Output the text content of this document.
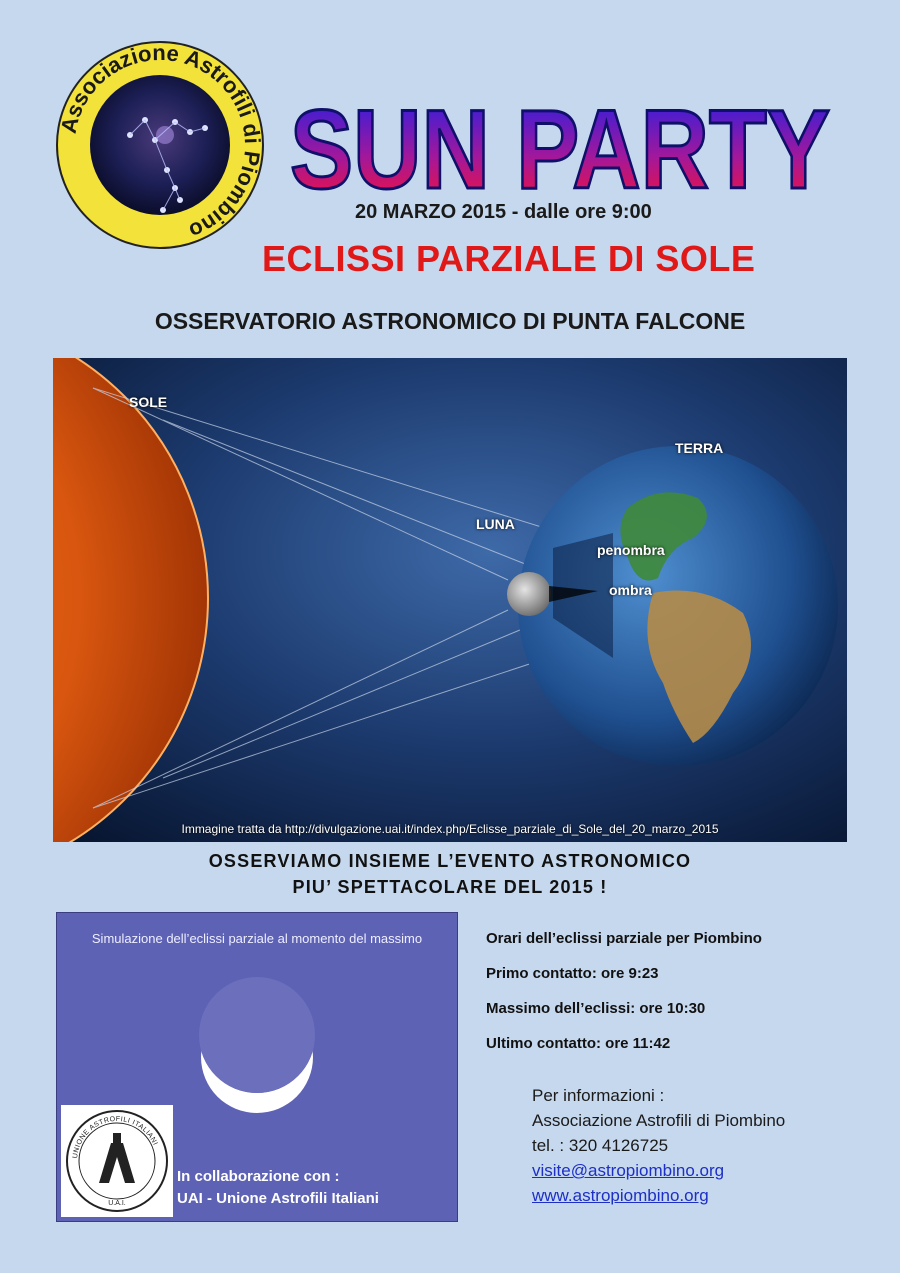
Associazione Astrofili di Piombino
SUN PARTY
20 MARZO 2015 - dalle ore 9:00
ECLISSI PARZIALE DI SOLE
OSSERVATORIO ASTRONOMICO DI PUNTA FALCONE
SOLE
TERRA
LUNA
penombra
ombra
Immagine tratta da http://divulgazione.uai.it/index.php/Eclisse_parziale_di_Sole_del_20_marzo_2015
OSSERVIAMO INSIEME L’EVENTO ASTRONOMICO
PIU’ SPETTACOLARE DEL 2015 !
Simulazione dell’eclissi parziale al momento del massimo
UNIONE ASTROFILI ITALIANI
U.A.I.
In collaborazione con :
UAI - Unione Astrofili Italiani
Orari dell’eclissi parziale per Piombino
Primo contatto: ore 9:23
Massimo dell’eclissi: ore 10:30
Ultimo contatto: ore 11:42
Per informazioni :
Associazione Astrofili di Piombino
tel. : 320 4126725
visite@astropiombino.org
www.astropiombino.org
